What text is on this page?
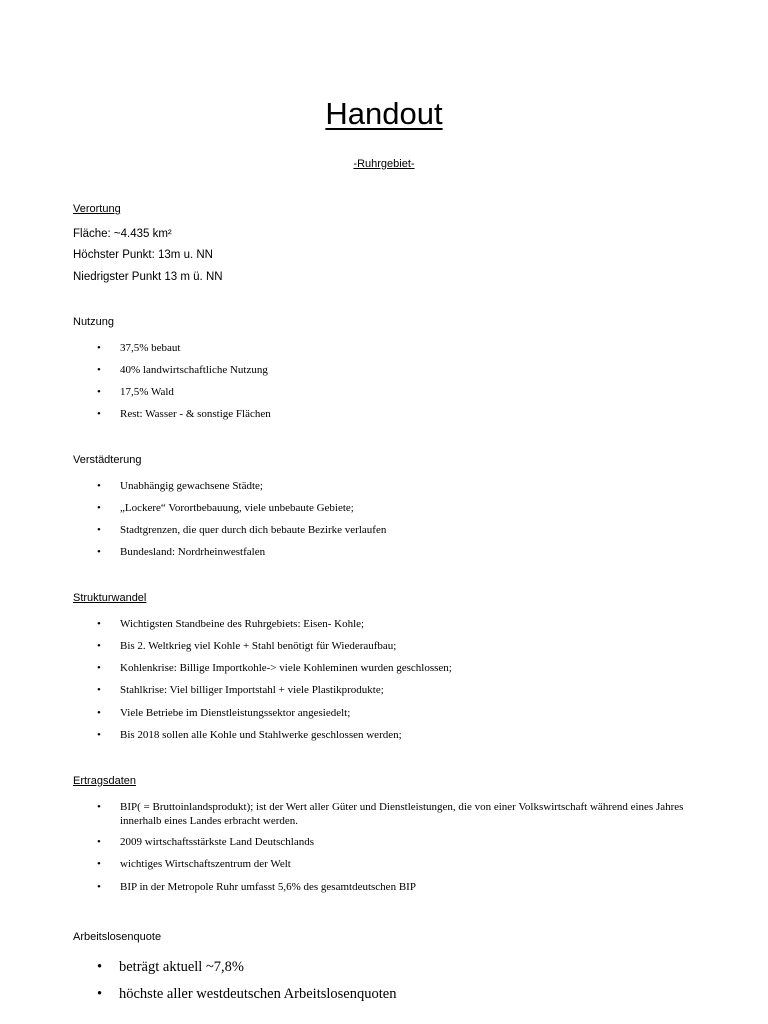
Handout
-Ruhrgebiet-
Verortung
Fläche: ~4.435 km²
Höchster Punkt: 13m u. NN
Niedrigster Punkt 13 m ü. NN
Nutzung
• 37,5% bebaut
• 40% landwirtschaftliche Nutzung
• 17,5% Wald
• Rest: Wasser - & sonstige Flächen
Verstädterung
• Unabhängig gewachsene Städte;
• „Lockere“ Vorortbebauung, viele unbebaute Gebiete;
• Stadtgrenzen, die quer durch dich bebaute Bezirke verlaufen
• Bundesland: Nordrheinwestfalen
Strukturwandel
• Wichtigsten Standbeine des Ruhrgebiets: Eisen- Kohle;
• Bis 2. Weltkrieg viel Kohle + Stahl benötigt für Wiederaufbau;
• Kohlenkrise: Billige Importkohle-> viele Kohleminen wurden geschlossen;
• Stahlkrise: Viel billiger Importstahl + viele Plastikprodukte;
• Viele Betriebe im Dienstleistungssektor angesiedelt;
• Bis 2018 sollen alle Kohle und Stahlwerke geschlossen werden;
Ertragsdaten
• BIP( = Bruttoinlandsprodukt); ist der Wert aller Güter und Dienstleistungen, die von einer Volkswirtschaft während eines Jahres innerhalb eines Landes erbracht werden.
• 2009 wirtschaftsstärkste Land Deutschlands
• wichtiges Wirtschaftszentrum der Welt
• BIP in der Metropole Ruhr umfasst 5,6% des gesamtdeutschen BIP
Arbeitslosenquote
• beträgt aktuell ~7,8%
• höchste aller westdeutschen Arbeitslosenquoten
